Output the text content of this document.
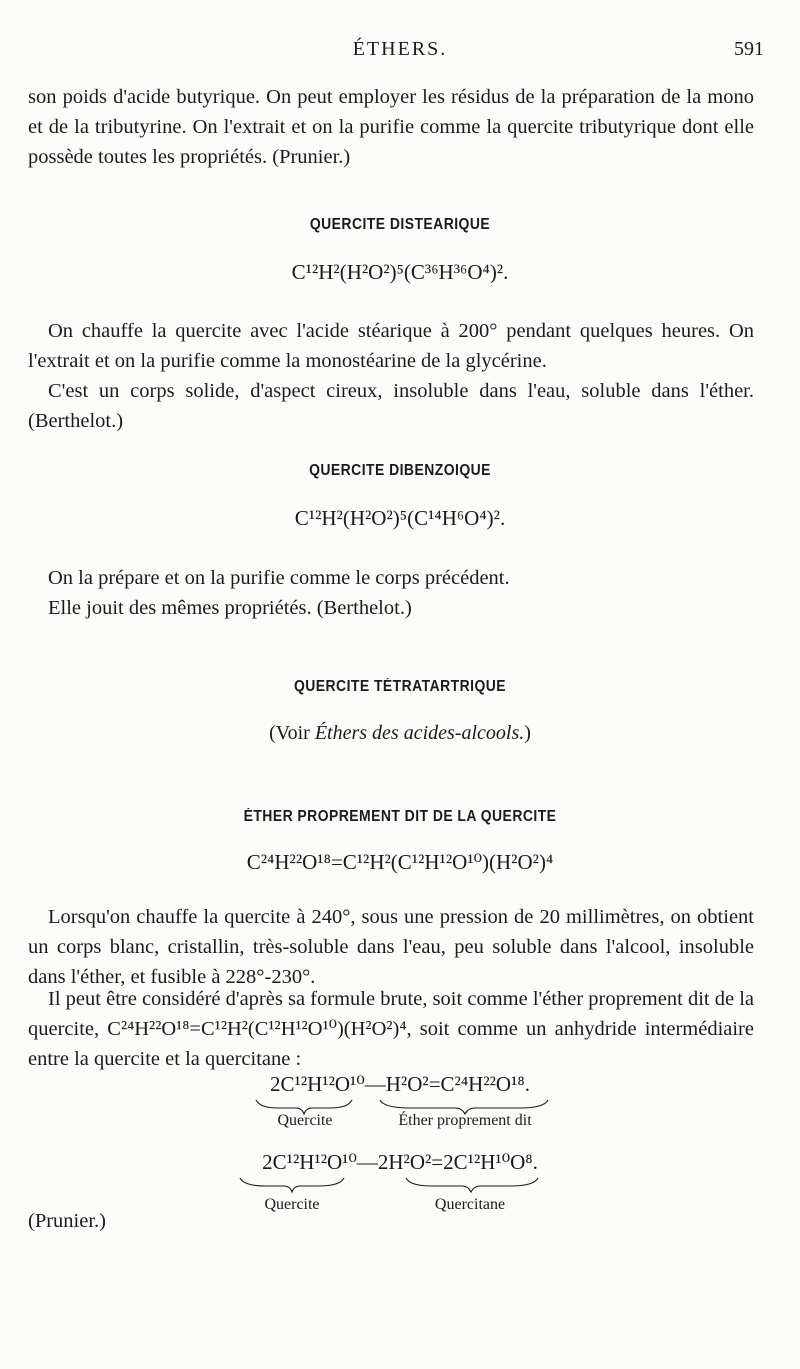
ÉTHERS.	591

son poids d'acide butyrique. On peut employer les résidus de la préparation de la mono et de la tributyrine. On l'extrait et on la purifie comme la quercite tributyrique dont elle possède toutes les propriétés. (Prunier.)

QUERCITE DISTEARIQUE
C¹²H²(H²O²)⁵(C³⁶H³⁶O⁴)².

On chauffe la quercite avec l'acide stéarique à 200° pendant quelques heures. On l'extrait et on la purifie comme la monostéarine de la glycérine.

C'est un corps solide, d'aspect cireux, insoluble dans l'eau, soluble dans l'éther. (Berthelot.)

QUERCITE DIBENZOIQUE
C¹²H²(H²O²)⁵(C¹⁴H⁶O⁴)².

On la prépare et on la purifie comme le corps précédent.

Elle jouit des mêmes propriétés. (Berthelot.)

QUERCITE TÉTRATARTRIQUE
(Voir Éthers des acides-alcools.)
ÉTHER PROPREMENT DIT DE LA QUERCITE
C²⁴H²²O¹⁸=C¹²H²(C¹²H¹²O¹⁰)(H²O²)⁴

Lorsqu'on chauffe la quercite à 240°, sous une pression de 20 millimètres, on obtient un corps blanc, cristallin, très-soluble dans l'eau, peu soluble dans l'alcool, insoluble dans l'éther, et fusible à 228°-230°.

Il peut être considéré d'après sa formule brute, soit comme l'éther proprement dit de la quercite, C²⁴H²²O¹⁸=C¹²H²(C¹²H¹²O¹⁰)(H²O²)⁴, soit comme un anhydride intermédiaire entre la quercite et la quercitane :

2C¹²H¹²O¹⁰—H²O²=C²⁴H²²O¹⁸.
Quercite	Éther proprement dit
2C¹²H¹²O¹⁰—2H²O²=2C¹²H¹⁰O⁸.
Quercite	Quercitane
(Prunier.)
